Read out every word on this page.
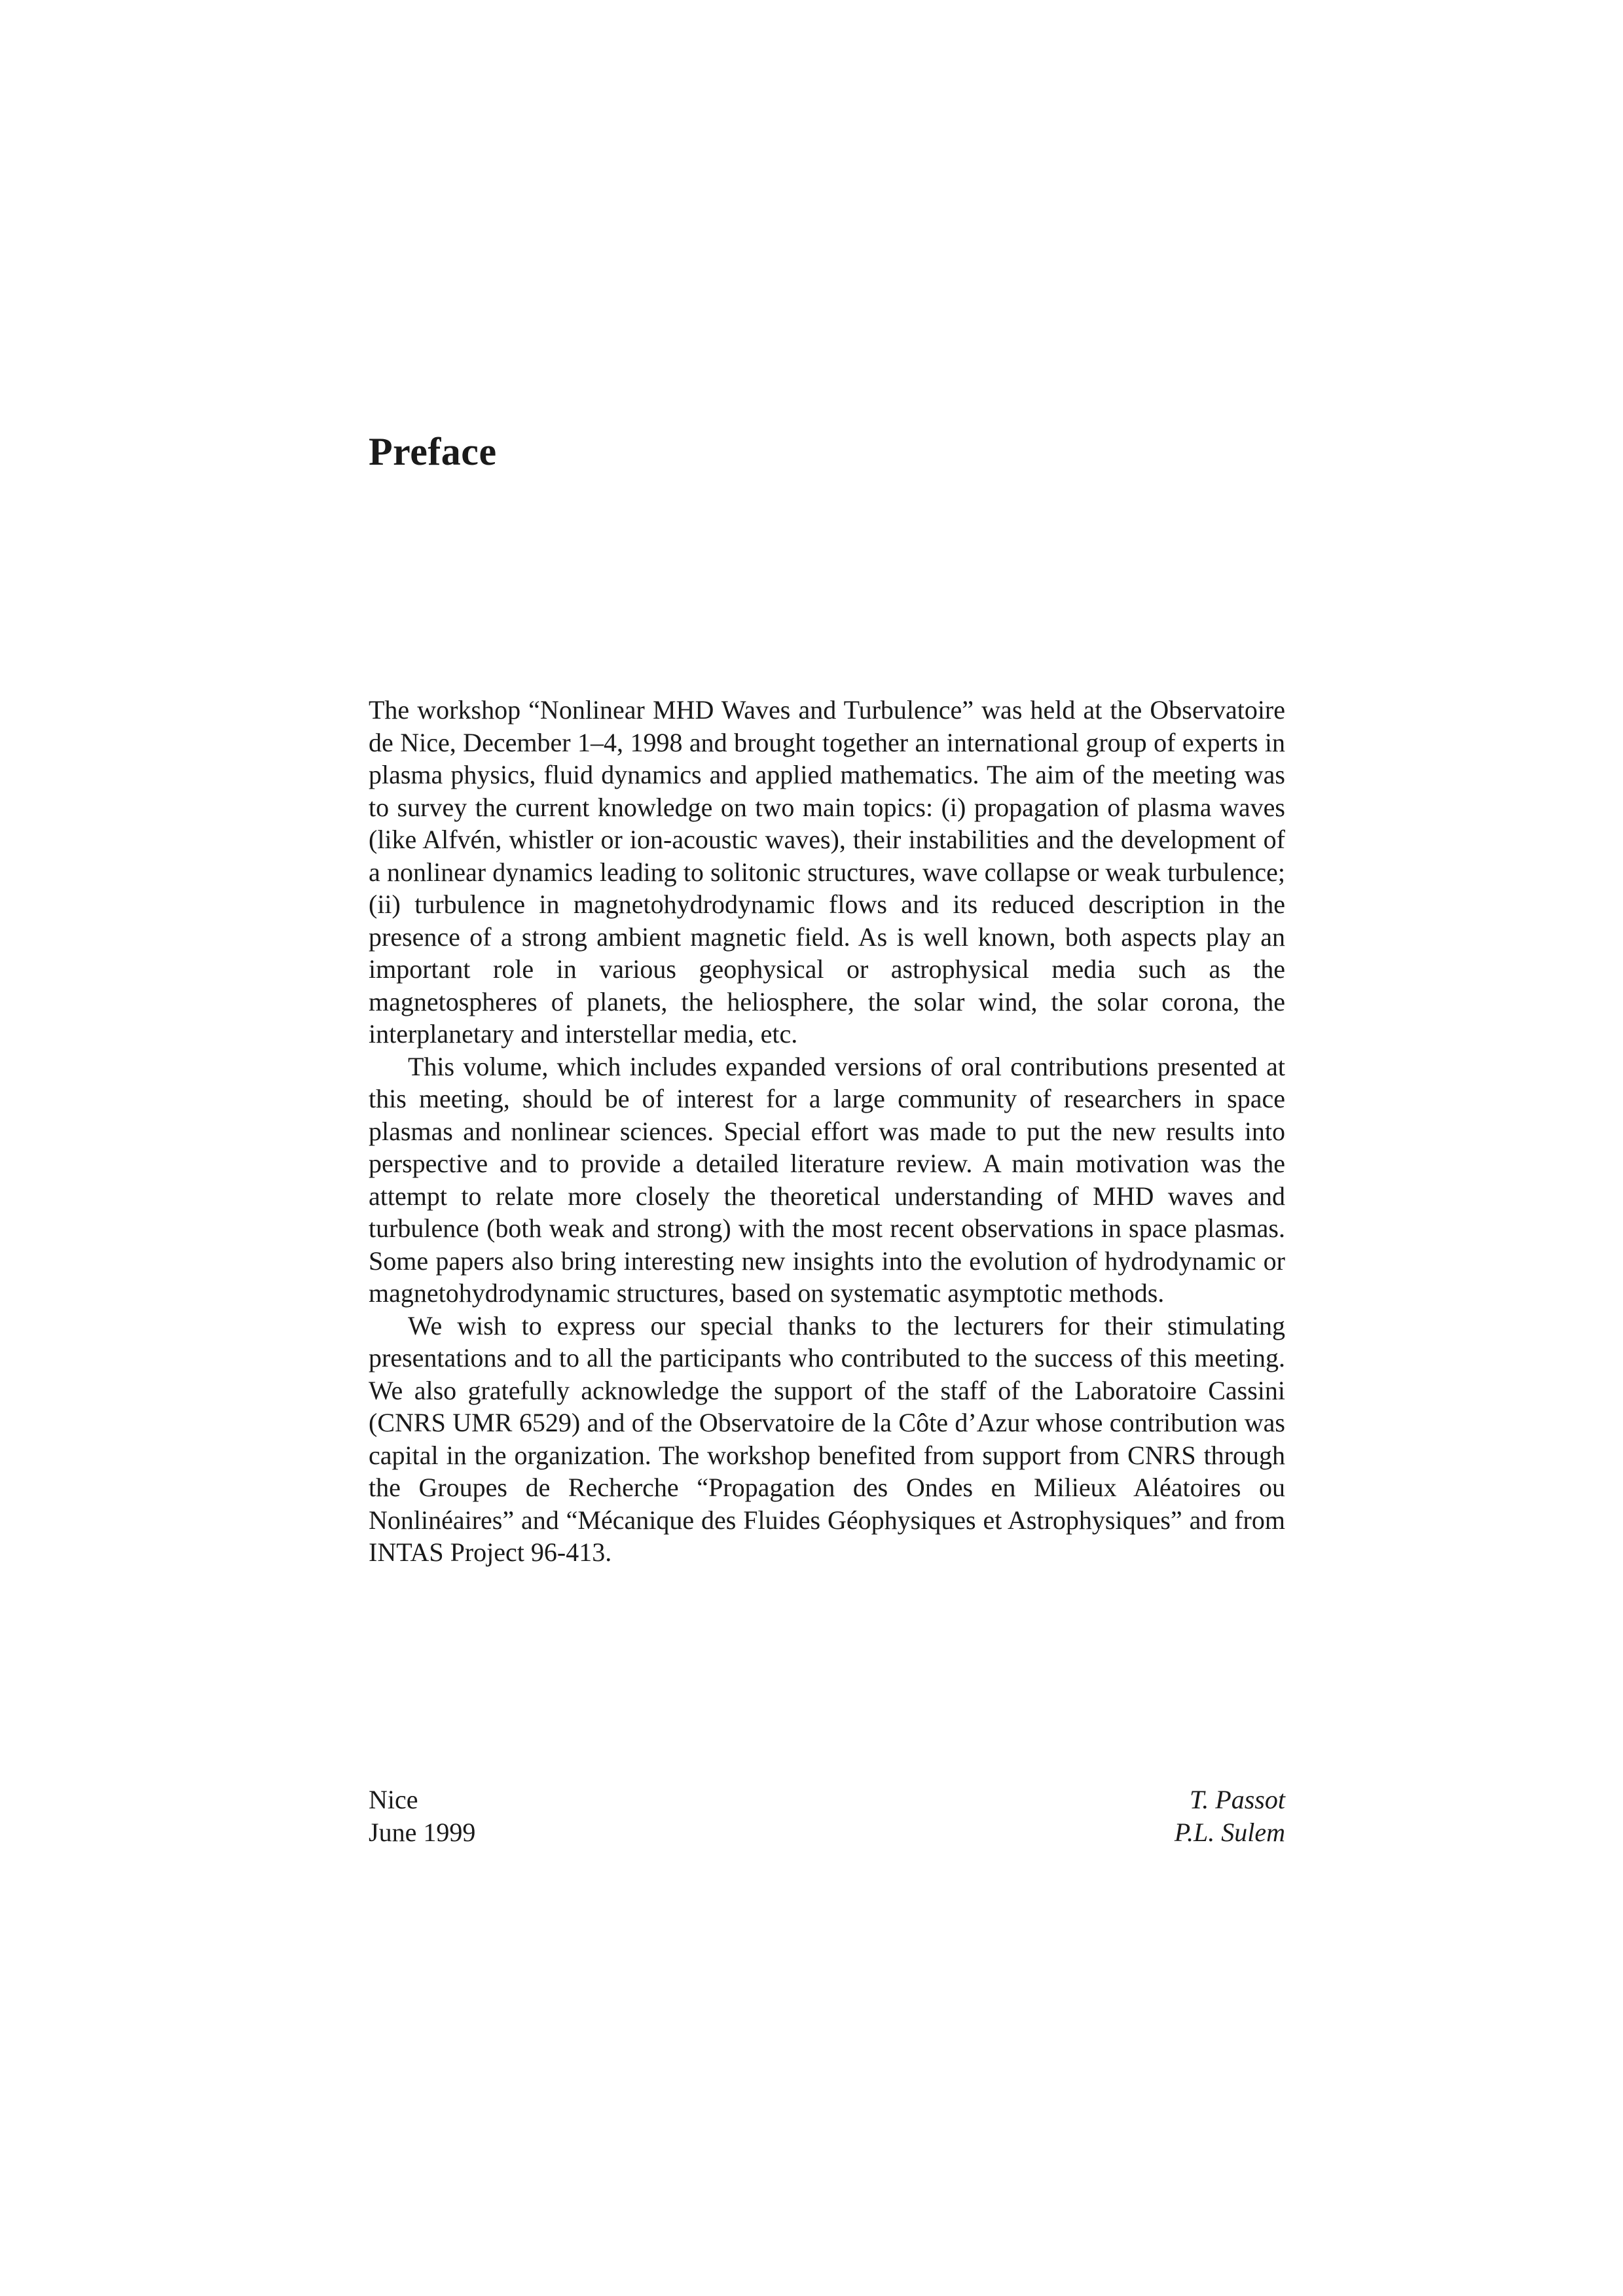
Preface

The workshop “Nonlinear MHD Waves and Turbulence” was held at the Observatoire de Nice, December 1–4, 1998 and brought together an international group of experts in plasma physics, fluid dynamics and applied mathematics. The aim of the meeting was to survey the current knowledge on two main topics: (i) propagation of plasma waves (like Alfvén, whistler or ion-acoustic waves), their instabilities and the development of a nonlinear dynamics leading to solitonic structures, wave collapse or weak turbulence; (ii) turbulence in magnetohydrodynamic flows and its reduced description in the presence of a strong ambient magnetic field. As is well known, both aspects play an important role in various geophysical or astrophysical media such as the magnetospheres of planets, the heliosphere, the solar wind, the solar corona, the interplanetary and interstellar media, etc.

This volume, which includes expanded versions of oral contributions presented at this meeting, should be of interest for a large community of researchers in space plasmas and nonlinear sciences. Special effort was made to put the new results into perspective and to provide a detailed literature review. A main motivation was the attempt to relate more closely the theoretical understanding of MHD waves and turbulence (both weak and strong) with the most recent observations in space plasmas. Some papers also bring interesting new insights into the evolution of hydrodynamic or magnetohydrodynamic structures, based on systematic asymptotic methods.

We wish to express our special thanks to the lecturers for their stimulating presentations and to all the participants who contributed to the success of this meeting. We also gratefully acknowledge the support of the staff of the Laboratoire Cassini (CNRS UMR 6529) and of the Observatoire de la Côte d’Azur whose contribution was capital in the organization. The workshop benefited from support from CNRS through the Groupes de Recherche “Propagation des Ondes en Milieux Aléatoires ou Nonlinéaires” and “Mécanique des Fluides Géophysiques et Astrophysiques” and from INTAS Project 96-413.

Nice
June 1999
T. Passot
P.L. Sulem
